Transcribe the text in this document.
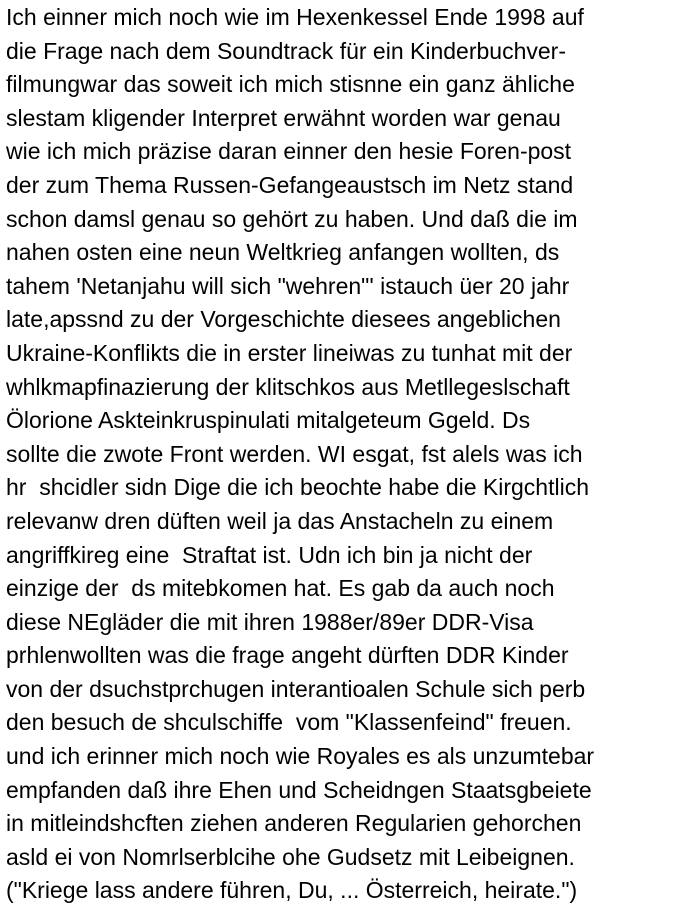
Ich einner mich noch wie im Hexenkessel Ende 1998 auf
die Frage nach dem Soundtrack für ein Kinderbuchver-
filmungwar das soweit ich mich stisnne ein ganz ähliche
slestam kligender Interpret erwähnt worden war genau
wie ich mich präzise daran einner den hesie Foren-post
der zum Thema Russen-Gefangeaustsch im Netz stand
schon damsl genau so gehört zu haben. Und daß die im
nahen osten eine neun Weltkrieg anfangen wollten, ds
tahem 'Netanjahu will sich "wehren"' istauch üer 20 jahr
late,apssnd zu der Vorgeschichte diesees angeblichen
Ukraine-Konflikts die in erster lineiwas zu tunhat mit der
whlkmapfinazierung der klitschkos aus Metllegeslschaft
Ölorione Askteinkruspinulati mitalgeteum Ggeld. Ds
sollte die zwote Front werden. WI esgat, fst alels was ich
hr  shcidler sidn Dige die ich beochte habe die Kirgchtlich
relevanw dren düften weil ja das Anstacheln zu einem
angriffkireg eine  Straftat ist. Udn ich bin ja nicht der
einzige der  ds mitebkomen hat. Es gab da auch noch
diese NEgläder die mit ihren 1988er/89er DDR-Visa
prhlenwollten was die frage angeht dürften DDR Kinder
von der dsuchstprchugen interantioalen Schule sich perb
den besuch de shculschiffe  vom "Klassenfeind" freuen.
und ich erinner mich noch wie Royales es als unzumtebar
empfanden daß ihre Ehen und Scheidngen Staatsgbeiete
in mitleindshcften ziehen anderen Regularien gehorchen
asld ei von Nomrlserblcihe ohe Gudsetz mit Leibeignen.
("Kriege lass andere führen, Du, ... Österreich, heirate.")
